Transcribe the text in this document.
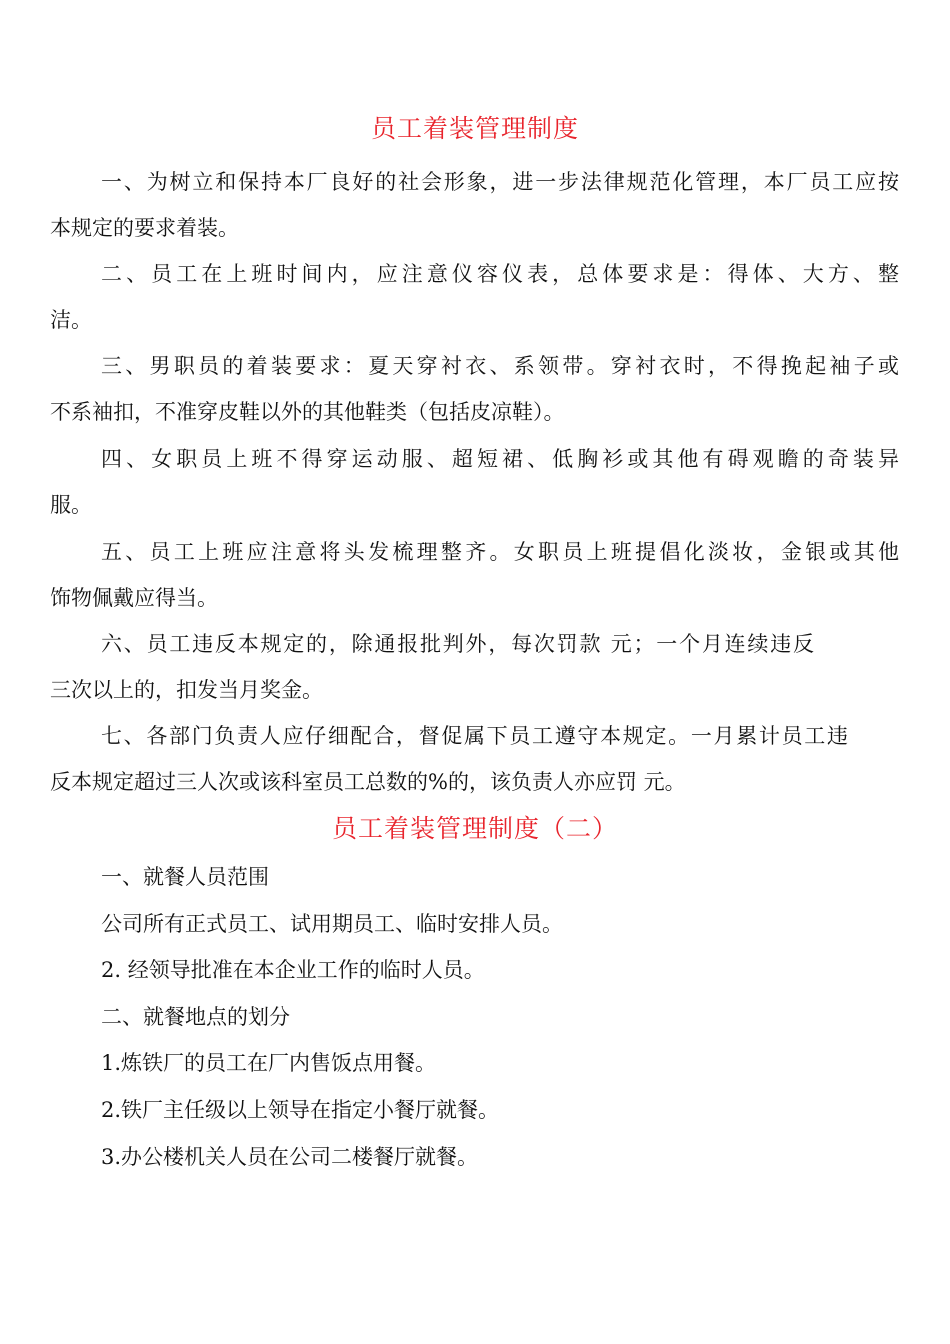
员工着装管理制度
一、为树立和保持本厂良好的社会形象，进一步法律规范化管理，本厂员工应按
本规定的要求着装。
二、员工在上班时间内，应注意仪容仪表，总体要求是：得体、大方、整
洁。
三、男职员的着装要求：夏天穿衬衣、系领带。穿衬衣时，不得挽起袖子或
不系袖扣，不准穿皮鞋以外的其他鞋类（包括皮凉鞋）。
四、女职员上班不得穿运动服、超短裙、低胸衫或其他有碍观瞻的奇装异
服。
五、员工上班应注意将头发梳理整齐。女职员上班提倡化淡妆，金银或其他
饰物佩戴应得当。
六、员工违反本规定的，除通报批判外，每次罚款 元；一个月连续违反
三次以上的，扣发当月奖金。
七、各部门负责人应仔细配合，督促属下员工遵守本规定。一月累计员工违
反本规定超过三人次或该科室员工总数的%的，该负责人亦应罚 元。
员工着装管理制度（二）
一、就餐人员范围
公司所有正式员工、试用期员工、临时安排人员。
2. 经领导批准在本企业工作的临时人员。
二、就餐地点的划分
1.炼铁厂的员工在厂内售饭点用餐。
2.铁厂主任级以上领导在指定小餐厅就餐。
3.办公楼机关人员在公司二楼餐厅就餐。
